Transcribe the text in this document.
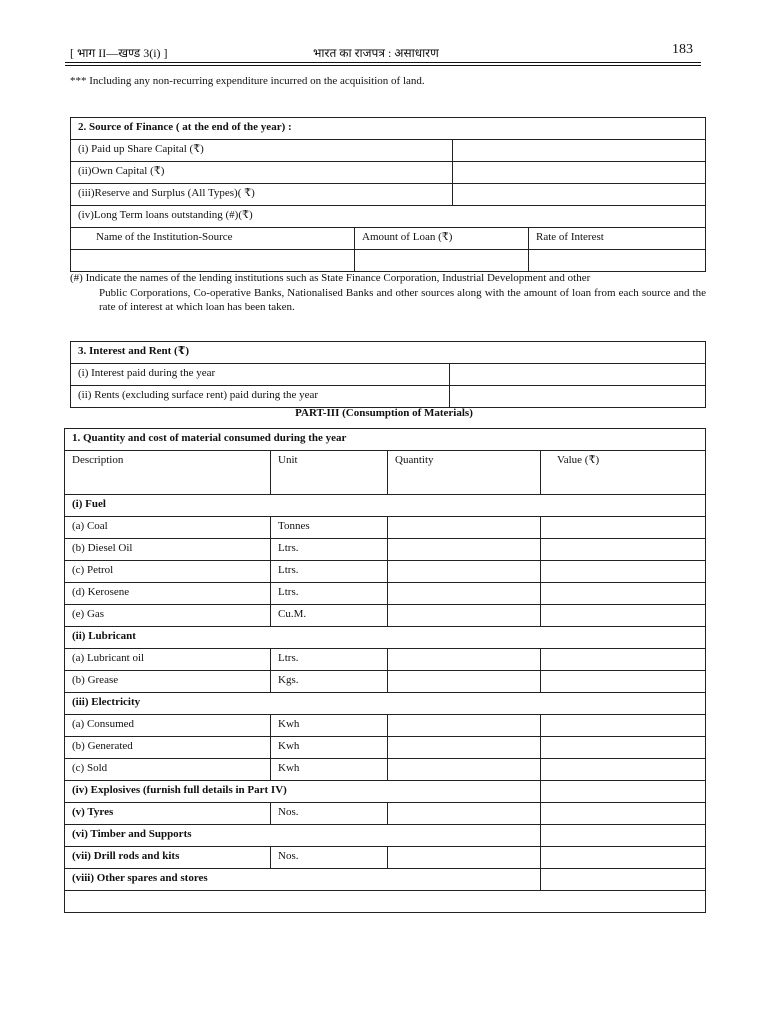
[ भाग II—खण्ड 3(i) ]	भारत का राजपत्र : असाधारण	183
*** Including any non-recurring expenditure incurred on the acquisition of land.
2. Source of Finance ( at the end of the year) :			
(i) Paid up Share Capital (₹)			
(ii)Own Capital (₹)			
(iii)Reserve and Surplus (All Types)( ₹)			
(iv)Long Term loans outstanding (#)(₹)			
Name of the Institution-Source	Amount of Loan (₹)		Rate of Interest

(#) Indicate the names of the lending institutions such as State Finance Corporation, Industrial Development and other
Public Corporations, Co-operative Banks, Nationalised Banks and other sources along with the amount of loan from each source and the rate of interest at which loan has been taken.
3. Interest and Rent (₹)	
(i) Interest paid during the year	
(ii) Rents (excluding surface rent) paid during the year	
PART-III (Consumption of Materials)
1. Quantity and cost of material consumed during the year			
Description	Unit	Quantity	Value (₹)
(i) Fuel			
(a) Coal	Tonnes		
(b) Diesel Oil	Ltrs.		
(c) Petrol	Ltrs.		
(d) Kerosene	Ltrs.		
(e) Gas	Cu.M.		
(ii) Lubricant			
(a) Lubricant oil	Ltrs.		
(b) Grease	Kgs.		
(iii) Electricity			
(a) Consumed	Kwh		
(b) Generated	Kwh		
(c) Sold	Kwh		
(iv) Explosives (furnish full details in Part IV)			
(v) Tyres	Nos.		
(vi) Timber and Supports			
(vii) Drill rods and kits	Nos.		
(viii) Other spares and stores			
